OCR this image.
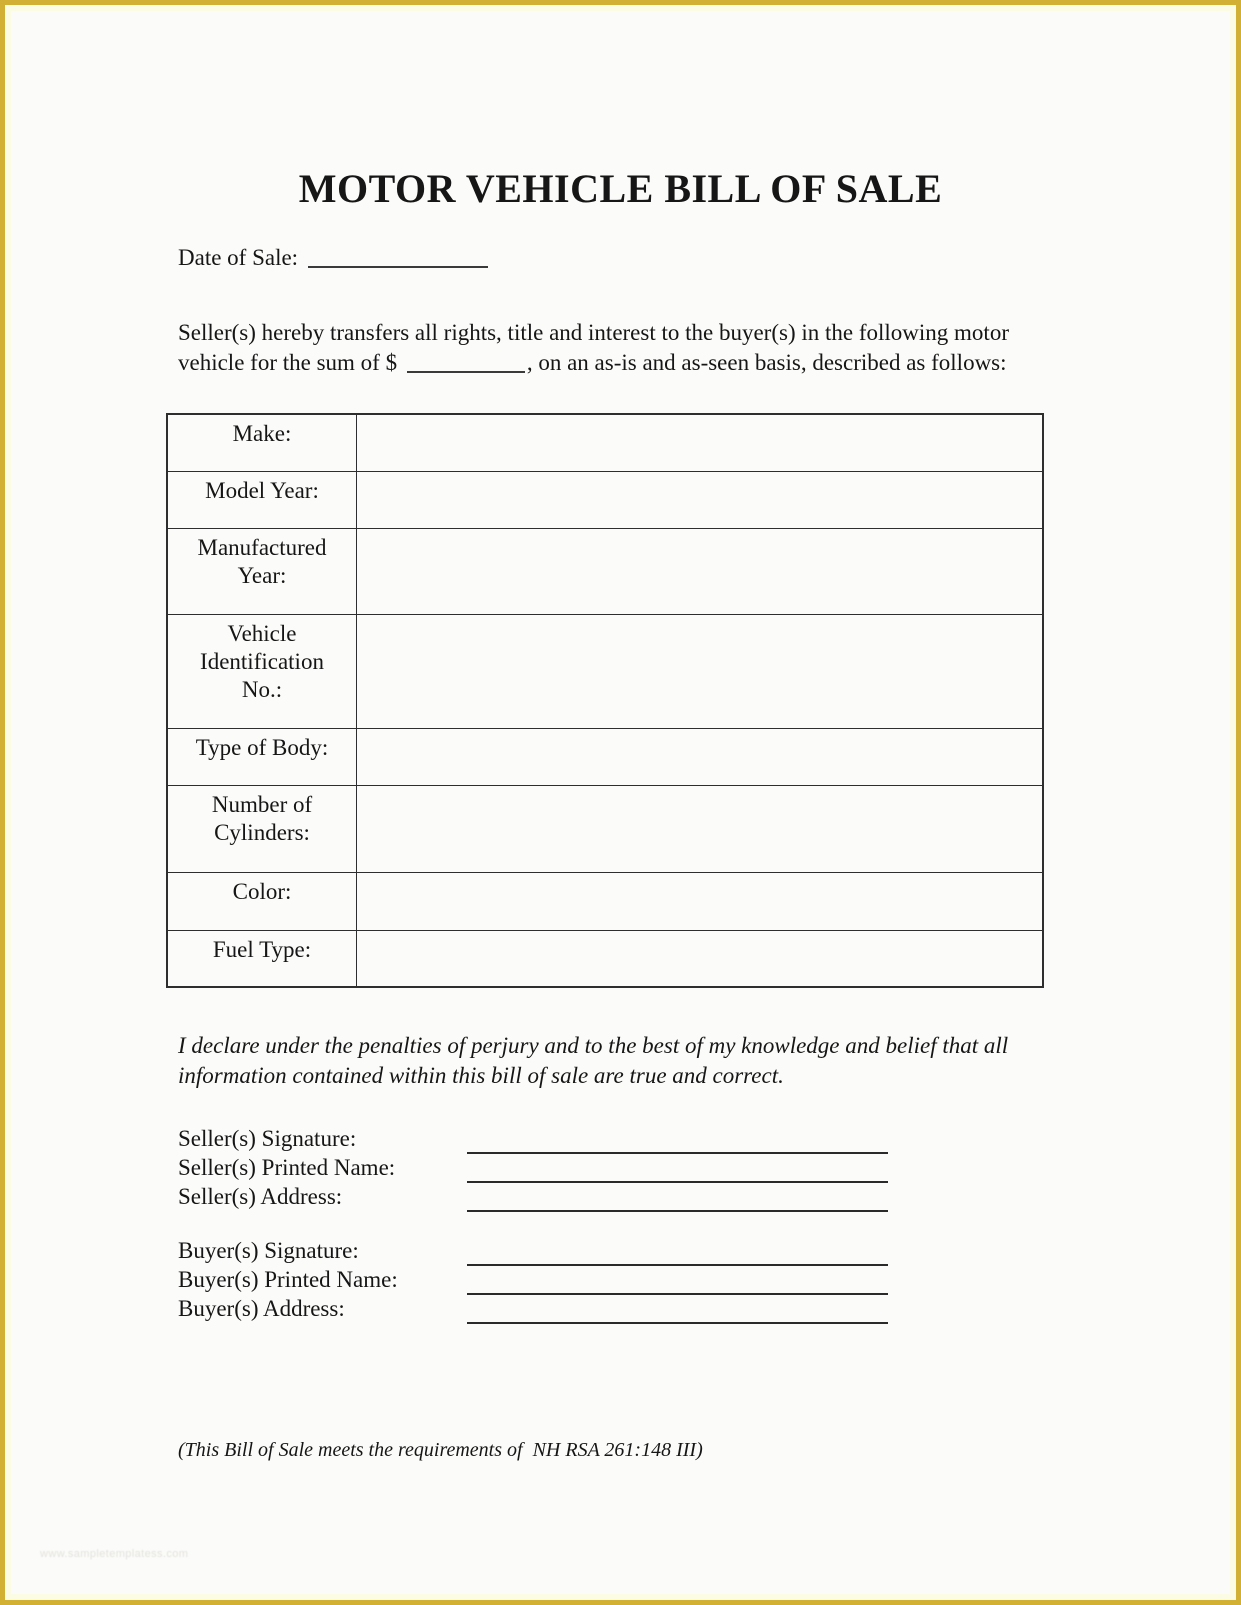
MOTOR VEHICLE BILL OF SALE
Date of Sale:

Seller(s) hereby transfers all rights, title and interest to the buyer(s) in the following motor vehicle for the sum of $	, on an as-is and as-seen basis, described as follows:

Make:
Model Year:
Manufactured Year:
Vehicle Identification No.:
Type of Body:
Number of Cylinders:
Color:
Fuel Type:

I declare under the penalties of perjury and to the best of my knowledge and belief that all information contained within this bill of sale are true and correct.

Seller(s) Signature:
Seller(s) Printed Name:
Seller(s) Address:
Buyer(s) Signature:
Buyer(s) Printed Name:
Buyer(s) Address:

(This Bill of Sale meets the requirements of  NH RSA 261:148 III)

www.sampletemplatess.com
